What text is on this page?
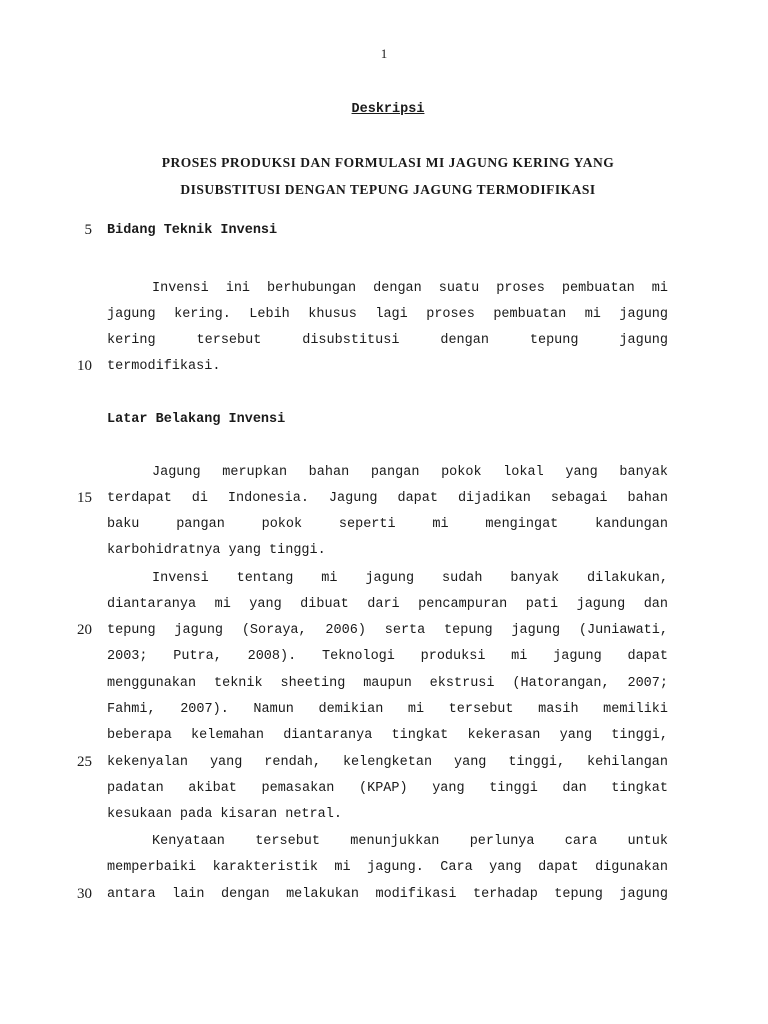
1
Deskripsi
PROSES PRODUKSI DAN FORMULASI MI JAGUNG KERING YANG
DISUBSTITUSI DENGAN TEPUNG JAGUNG TERMODIFIKASI
5
10
15
20
25
30
Bidang Teknik Invensi
Invensi ini berhubungan dengan suatu proses pembuatan mi
jagung kering. Lebih khusus lagi proses pembuatan mi jagung
kering tersebut disubstitusi dengan tepung jagung
termodifikasi.
Latar Belakang Invensi
Jagung merupkan bahan pangan pokok lokal yang banyak
terdapat di Indonesia. Jagung dapat dijadikan sebagai bahan
baku pangan pokok seperti mi mengingat kandungan
karbohidratnya yang tinggi.
Invensi tentang mi jagung sudah banyak dilakukan,
diantaranya mi yang dibuat dari pencampuran pati jagung dan
tepung jagung (Soraya, 2006) serta tepung jagung (Juniawati,
2003; Putra, 2008). Teknologi produksi mi jagung dapat
menggunakan teknik sheeting maupun ekstrusi (Hatorangan, 2007;
Fahmi, 2007). Namun demikian mi tersebut masih memiliki
beberapa kelemahan diantaranya tingkat kekerasan yang tinggi,
kekenyalan yang rendah, kelengketan yang tinggi, kehilangan
padatan akibat pemasakan (KPAP) yang tinggi dan tingkat
kesukaan pada kisaran netral.
Kenyataan tersebut menunjukkan perlunya cara untuk
memperbaiki karakteristik mi jagung. Cara yang dapat digunakan
antara lain dengan melakukan modifikasi terhadap tepung jagung
